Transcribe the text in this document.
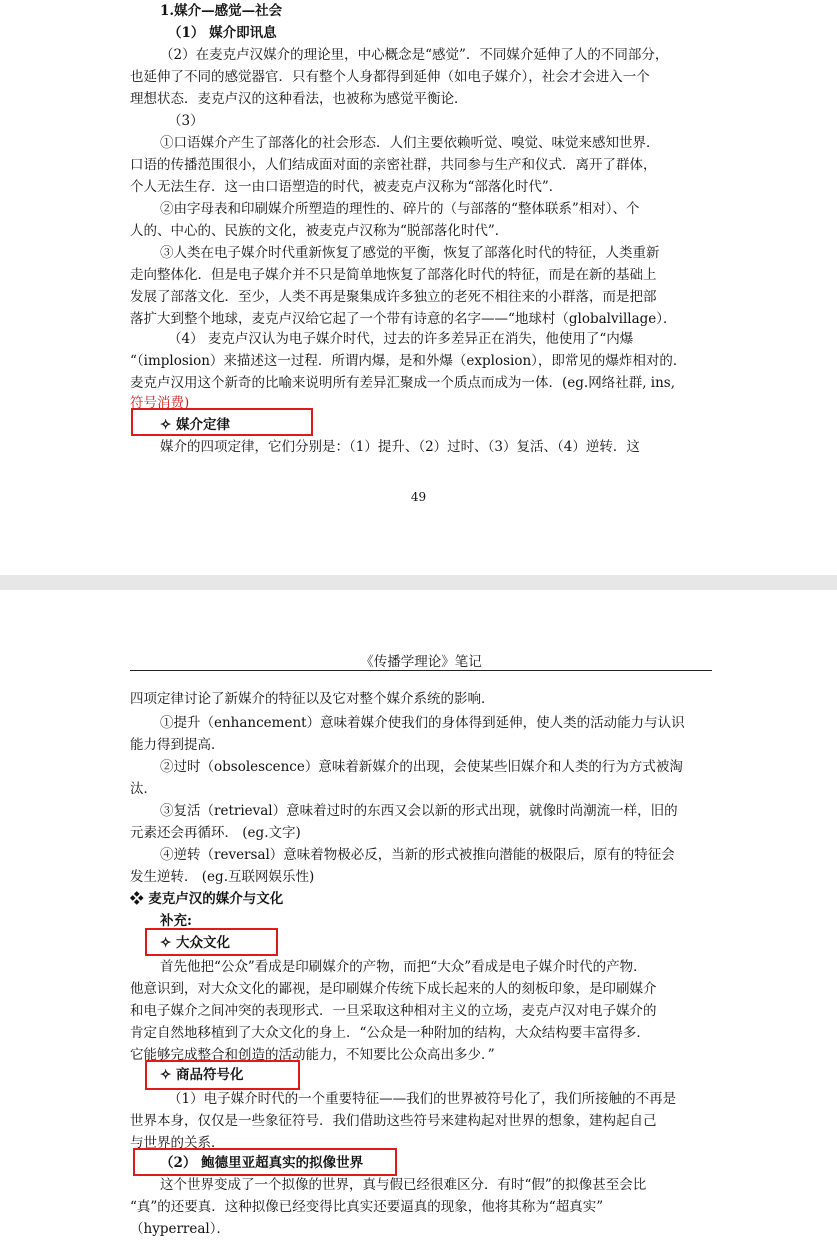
1.媒介—感觉—社会
（1） 媒介即讯息
（2）在麦克卢汉媒介的理论里，中心概念是“感觉”．不同媒介延伸了人的不同部分，
也延伸了不同的感觉器官．只有整个人身都得到延伸（如电子媒介），社会才会进入一个
理想状态．麦克卢汉的这种看法，也被称为感觉平衡论．
（3）
①口语媒介产生了部落化的社会形态．人们主要依赖听觉、嗅觉、味觉来感知世界．
口语的传播范围很小，人们结成面对面的亲密社群，共同参与生产和仪式．离开了群体，
个人无法生存．这一由口语塑造的时代，被麦克卢汉称为“部落化时代”．
②由字母表和印刷媒介所塑造的理性的、碎片的（与部落的“整体联系”相对）、个
人的、中心的、民族的文化，被麦克卢汉称为“脱部落化时代”．
③人类在电子媒介时代重新恢复了感觉的平衡，恢复了部落化时代的特征，人类重新
走向整体化．但是电子媒介并不只是简单地恢复了部落化时代的特征，而是在新的基础上
发展了部落文化．至少，人类不再是聚集成许多独立的老死不相往来的小群落，而是把部
落扩大到整个地球，麦克卢汉给它起了一个带有诗意的名字——“地球村（globalvillage）．
（4） 麦克卢汉认为电子媒介时代，过去的许多差异正在消失，他使用了“内爆
“（implosion）来描述这一过程．所谓内爆，是和外爆（explosion），即常见的爆炸相对的．
麦克卢汉用这个新奇的比喻来说明所有差异汇聚成一个质点而成为一体．(eg.网络社群, ins,
符号消费)
✧ 媒介定律
媒介的四项定律，它们分别是：（1）提升、（2）过时、（3）复活、（4）逆转．这
49
《传播学理论》笔记
四项定律讨论了新媒介的特征以及它对整个媒介系统的影响．
①提升（enhancement）意味着媒介使我们的身体得到延伸，使人类的活动能力与认识
能力得到提高．
②过时（obsolescence）意味着新媒介的出现，会使某些旧媒介和人类的行为方式被淘
汰．
③复活（retrieval）意味着过时的东西又会以新的形式出现，就像时尚潮流一样，旧的
元素还会再循环． (eg.文字)
④逆转（reversal）意味着物极必反，当新的形式被推向潜能的极限后，原有的特征会
发生逆转． (eg.互联网娱乐性)
❖ 麦克卢汉的媒介与文化
补充:
✧ 大众文化
首先他把“公众”看成是印刷媒介的产物，而把“大众”看成是电子媒介时代的产物．
他意识到，对大众文化的鄙视，是印刷媒介传统下成长起来的人的刻板印象，是印刷媒介
和电子媒介之间冲突的表现形式．一旦采取这种相对主义的立场，麦克卢汉对电子媒介的
肯定自然地移植到了大众文化的身上．“公众是一种附加的结构，大众结构要丰富得多．
它能够完成整合和创造的活动能力，不知要比公众高出多少．”
✧ 商品符号化
（1）电子媒介时代的一个重要特征——我们的世界被符号化了，我们所接触的不再是
世界本身，仅仅是一些象征符号．我们借助这些符号来建构起对世界的想象，建构起自己
与世界的关系．
（2） 鲍德里亚超真实的拟像世界
这个世界变成了一个拟像的世界，真与假已经很难区分．有时“假”的拟像甚至会比
“真”的还要真．这种拟像已经变得比真实还要逼真的现象，他将其称为“超真实”
（hyperreal）．
